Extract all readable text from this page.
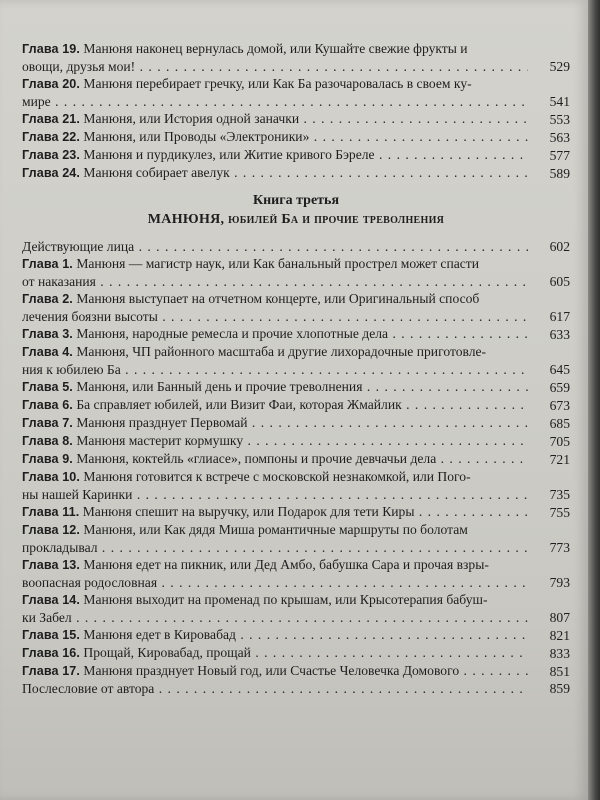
Глава 19. Манюня наконец вернулась домой, или Кушайте свежие фрукты и
овощи, друзья мои! . . .	529
Глава 20. Манюня перебирает гречку, или Как Ба разочаровалась в своем ку-
мире . . .	541
Глава 21. Манюня, или История одной заначки . . .	553
Глава 22. Манюня, или Проводы «Электроники» . . .	563
Глава 23. Манюня и пурдикулез, или Житие кривого Бэреле . . .	577
Глава 24. Манюня собирает авелук . . .	589
Книга третья
МАНЮНЯ, юбилей Ба и прочие треволнения
Действующие лица . . .	602
Глава 1. Манюня — магистр наук, или Как банальный прострел может спасти
от наказания . . .	605
Глава 2. Манюня выступает на отчетном концерте, или Оригинальный способ
лечения боязни высоты . . .	617
Глава 3. Манюня, народные ремесла и прочие хлопотные дела . . .	633
Глава 4. Манюня, ЧП районного масштаба и другие лихорадочные приготовле-
ния к юбилею Ба . . .	645
Глава 5. Манюня, или Банный день и прочие треволнения . . .	659
Глава 6. Ба справляет юбилей, или Визит Фаи, которая Жмайлик . . .	673
Глава 7. Манюня празднует Первомай . . .	685
Глава 8. Манюня мастерит кормушку . . .	705
Глава 9. Манюня, коктейль «глиасе», помпоны и прочие девчачьи дела . . .	721
Глава 10. Манюня готовится к встрече с московской незнакомкой, или Пого-
ны нашей Каринки . . .	735
Глава 11. Манюня спешит на выручку, или Подарок для тети Киры . . .	755
Глава 12. Манюня, или Как дядя Миша романтичные маршруты по болотам
прокладывал . . .	773
Глава 13. Манюня едет на пикник, или Дед Амбо, бабушка Сара и прочая взры-
воопасная родословная . . .	793
Глава 14. Манюня выходит на променад по крышам, или Крысотерапия бабуш-
ки Забел . . .	807
Глава 15. Манюня едет в Кировабад . . .	821
Глава 16. Прощай, Кировабад, прощай . . .	833
Глава 17. Манюня празднует Новый год, или Счастье Человечка Домового . . .	851
Послесловие от автора . . .	859
